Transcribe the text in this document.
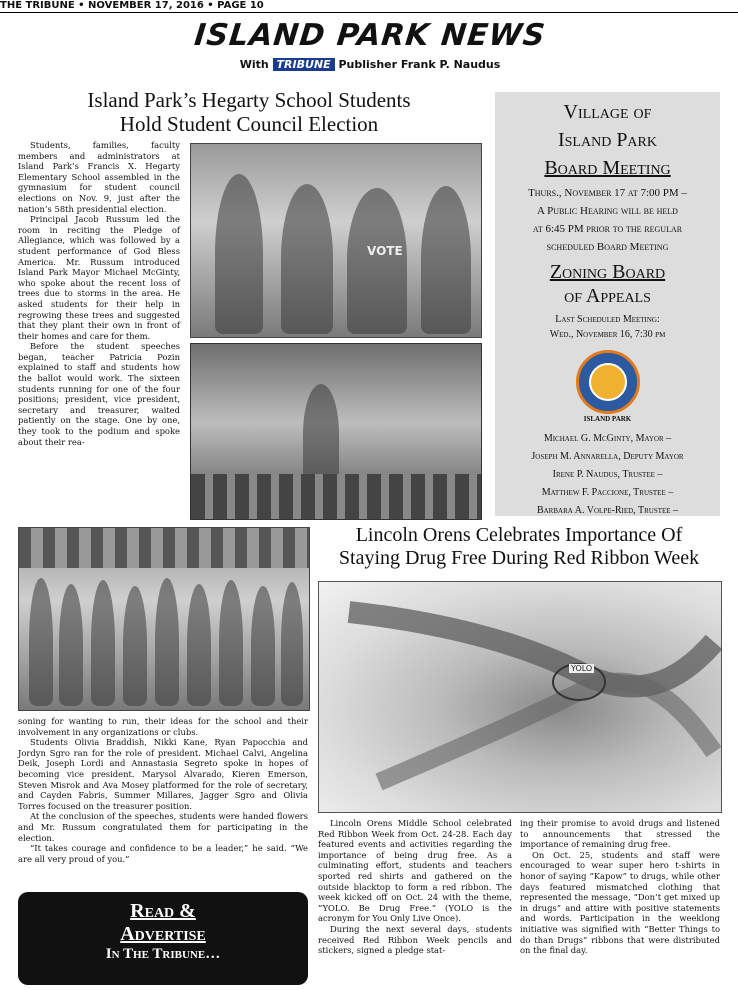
THE TRIBUNE • NOVEMBER 17, 2016 • PAGE 10
ISLAND PARK NEWS
With TRIBUNE Publisher Frank P. Naudus
Island Park’s Hegarty School Students
Hold Student Council Election

Students, families, faculty members and administrators at Island Park’s Francis X. Hegarty Elementary School assembled in the gymnasium for student council elections on Nov. 9, just after the nation’s 58th presidential election.

Principal Jacob Russum led the room in reciting the Pledge of Allegiance, which was followed by a student performance of God Bless America. Mr. Russum introduced Island Park Mayor Michael McGinty, who spoke about the recent loss of trees due to storms in the area. He asked students for their help in regrowing these trees and suggested that they plant their own in front of their homes and care for them.

Before the student speeches began, teacher Patricia Pozin explained to staff and students how the ballot would work. The sixteen students running for one of the four positions; president, vice president, secretary and treasurer, waited patiently on the stage. One by one, they took to the podium and spoke about their rea-

VOTE
Village of
Island Park
Board Meeting
Thurs., November 17 at 7:00 PM –
A Public Hearing will be held
at 6:45 PM prior to the regular
scheduled Board Meeting
Zoning Board
of Appeals
Last Scheduled Meeting:
Wed., November 16, 7:30 pm
ISLAND PARK
Michael G. McGinty, Mayor –
Joseph M. Annarella, Deputy Mayor
Irene P. Naudus, Trustee –
Matthew F. Paccione, Trustee –
Barbara A. Volpe-Ried, Trustee –

soning for wanting to run, their ideas for the school and their involvement in any organizations or clubs.

Students Olivia Braddish, Nikki Kane, Ryan Papocchia and Jordyn Sgro ran for the role of president. Michael Calvi, Angelina Deik, Joseph Lordi and Annastasia Segreto spoke in hopes of becoming vice president. Marysol Alvarado, Kieren Emerson, Steven Misrok and Ava Mosey platformed for the role of secretary, and Cayden Fabris, Summer Millares, Jagger Sgro and Olivia Torres focused on the treasurer position.

At the conclusion of the speeches, students were handed flowers and Mr. Russum congratulated them for participating in the election.

“It takes courage and confidence to be a leader,” he said. “We are all very proud of you.”

Read &
Advertise
In The Tribune…
Lincoln Orens Celebrates Importance Of
Staying Drug Free During Red Ribbon Week
YOLO

Lincoln Orens Middle School celebrated Red Ribbon Week from Oct. 24-28. Each day featured events and activities regarding the importance of being drug free. As a culminating effort, students and teachers sported red shirts and gathered on the outside blacktop to form a red ribbon. The week kicked off on Oct. 24 with the theme, “YOLO. Be Drug Free.” (YOLO is the acronym for You Only Live Once).

During the next several days, students received Red Ribbon Week pencils and stickers, signed a pledge stat-

ing their promise to avoid drugs and listened to announcements that stressed the importance of remaining drug free.

On Oct. 25, students and staff were encouraged to wear super hero t-shirts in honor of saying “Kapow” to drugs, while other days featured mismatched clothing that represented the message, “Don’t get mixed up in drugs” and attire with positive statements and words. Participation in the weeklong initiative was signified with “Better Things to do than Drugs” ribbons that were distributed on the final day.
